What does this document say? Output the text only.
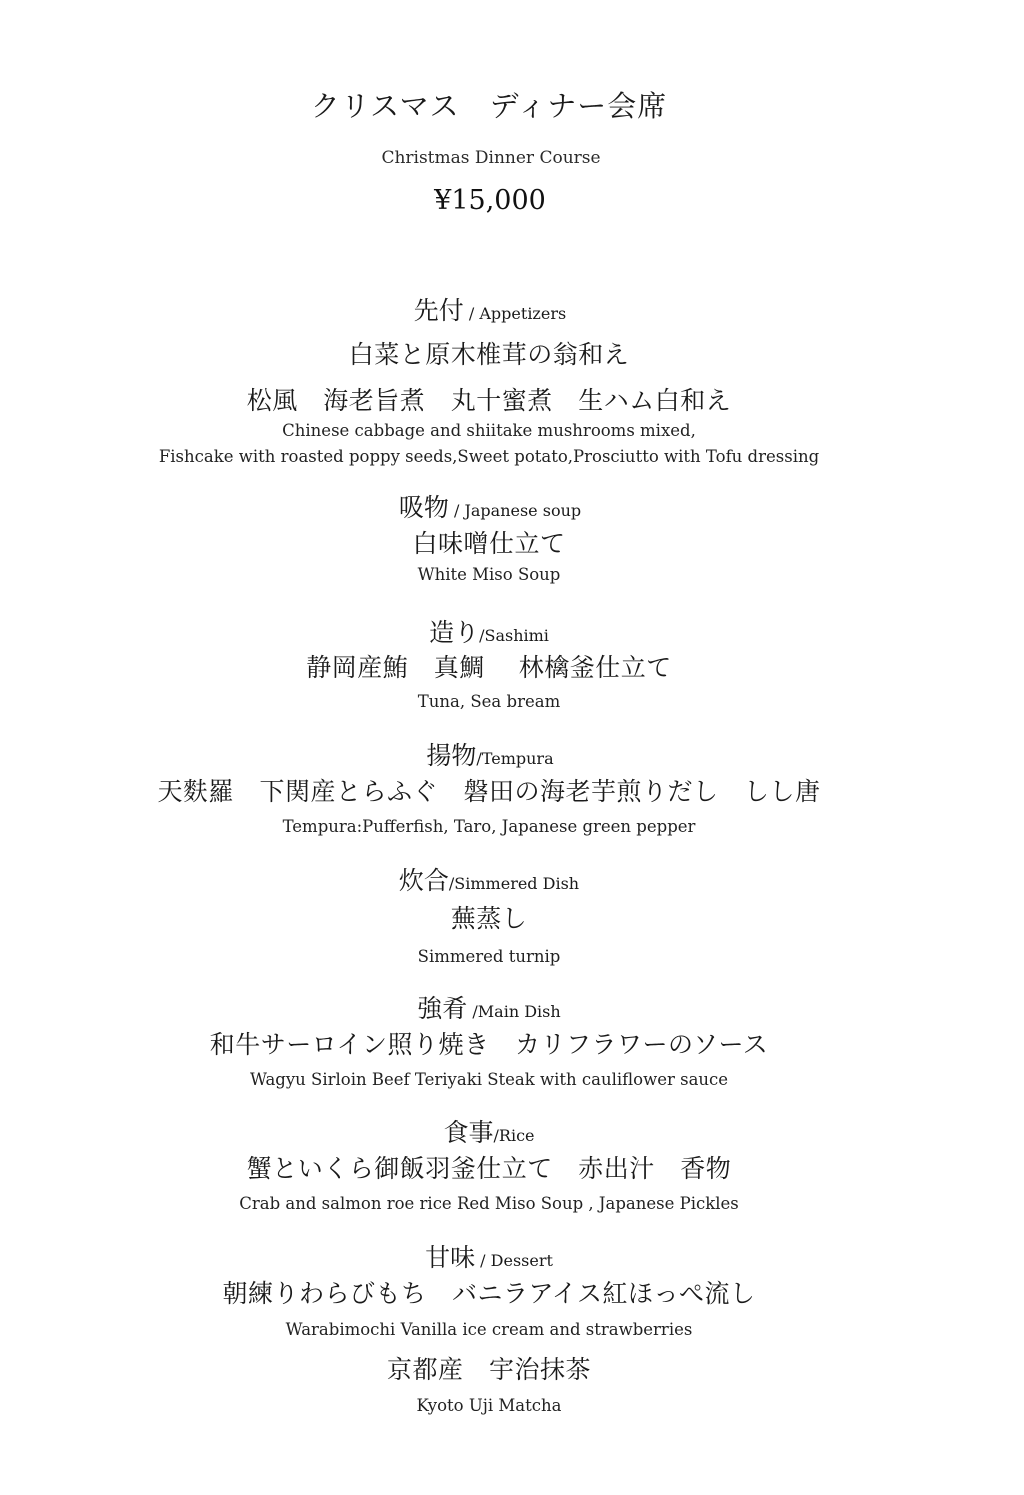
クリスマス　ディナー会席
Christmas Dinner Course
¥15,000
先付 / Appetizers
白菜と原木椎茸の翁和え
松風　海老旨煮　丸十蜜煮　生ハム白和え
Chinese cabbage and shiitake mushrooms mixed,
Fishcake with roasted poppy seeds,Sweet potato,Prosciutto with Tofu dressing
吸物 / Japanese soup
白味噌仕立て
White Miso Soup
造り/Sashimi
静岡産鮪　真鯛　 林檎釜仕立て
Tuna, Sea bream
揚物/Tempura
天麩羅　下関産とらふぐ　磐田の海老芋煎りだし　しし唐
Tempura:Pufferfish, Taro, Japanese green pepper
炊合/Simmered Dish
蕪蒸し
Simmered turnip
強肴 /Main Dish
和牛サーロイン照り焼き　カリフラワーのソース
Wagyu Sirloin Beef Teriyaki Steak with cauliflower sauce
食事/Rice
蟹といくら御飯羽釜仕立て　赤出汁　香物
Crab and salmon roe rice Red Miso Soup , Japanese Pickles
甘味 / Dessert
朝練りわらびもち　バニラアイス紅ほっぺ流し
Warabimochi Vanilla ice cream and strawberries
京都産　宇治抹茶
Kyoto Uji Matcha
